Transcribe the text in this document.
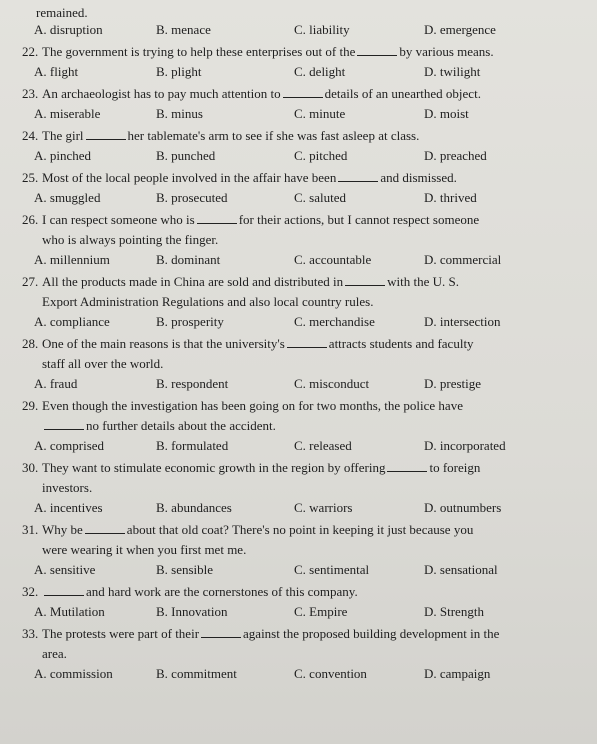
remained.
A. disruption	B. menace	C. liability	D. emergence
22. The government is trying to help these enterprises out of the	by various means.
A. flight	B. plight	C. delight	D. twilight
23. An archaeologist has to pay much attention to	details of an unearthed object.
A. miserable	B. minus	C. minute	D. moist
24. The girl	her tablemate's arm to see if she was fast asleep at class.
A. pinched	B. punched	C. pitched	D. preached
25. Most of the local people involved in the affair have been	and dismissed.
A. smuggled	B. prosecuted	C. saluted	D. thrived
26. I can respect someone who is	for their actions, but I cannot respect someone
who is always pointing the finger.
A. millennium	B. dominant	C. accountable	D. commercial
27. All the products made in China are sold and distributed in	with the U. S.
Export Administration Regulations and also local country rules.
A. compliance	B. prosperity	C. merchandise	D. intersection
28. One of the main reasons is that the university's	attracts students and faculty
staff all over the world.
A. fraud	B. respondent	C. misconduct	D. prestige
29. Even though the investigation has been going on for two months, the police have
no further details about the accident.
A. comprised	B. formulated	C. released	D. incorporated
30. They want to stimulate economic growth in the region by offering	to foreign
investors.
A. incentives	B. abundances	C. warriors	D. outnumbers
31. Why be	about that old coat? There's no point in keeping it just because you
were wearing it when you first met me.
A. sensitive	B. sensible	C. sentimental	D. sensational
32.	and hard work are the cornerstones of this company.
A. Mutilation	B. Innovation	C. Empire	D. Strength
33. The protests were part of their	against the proposed building development in the
area.
A. commission	B. commitment	C. convention	D. campaign
